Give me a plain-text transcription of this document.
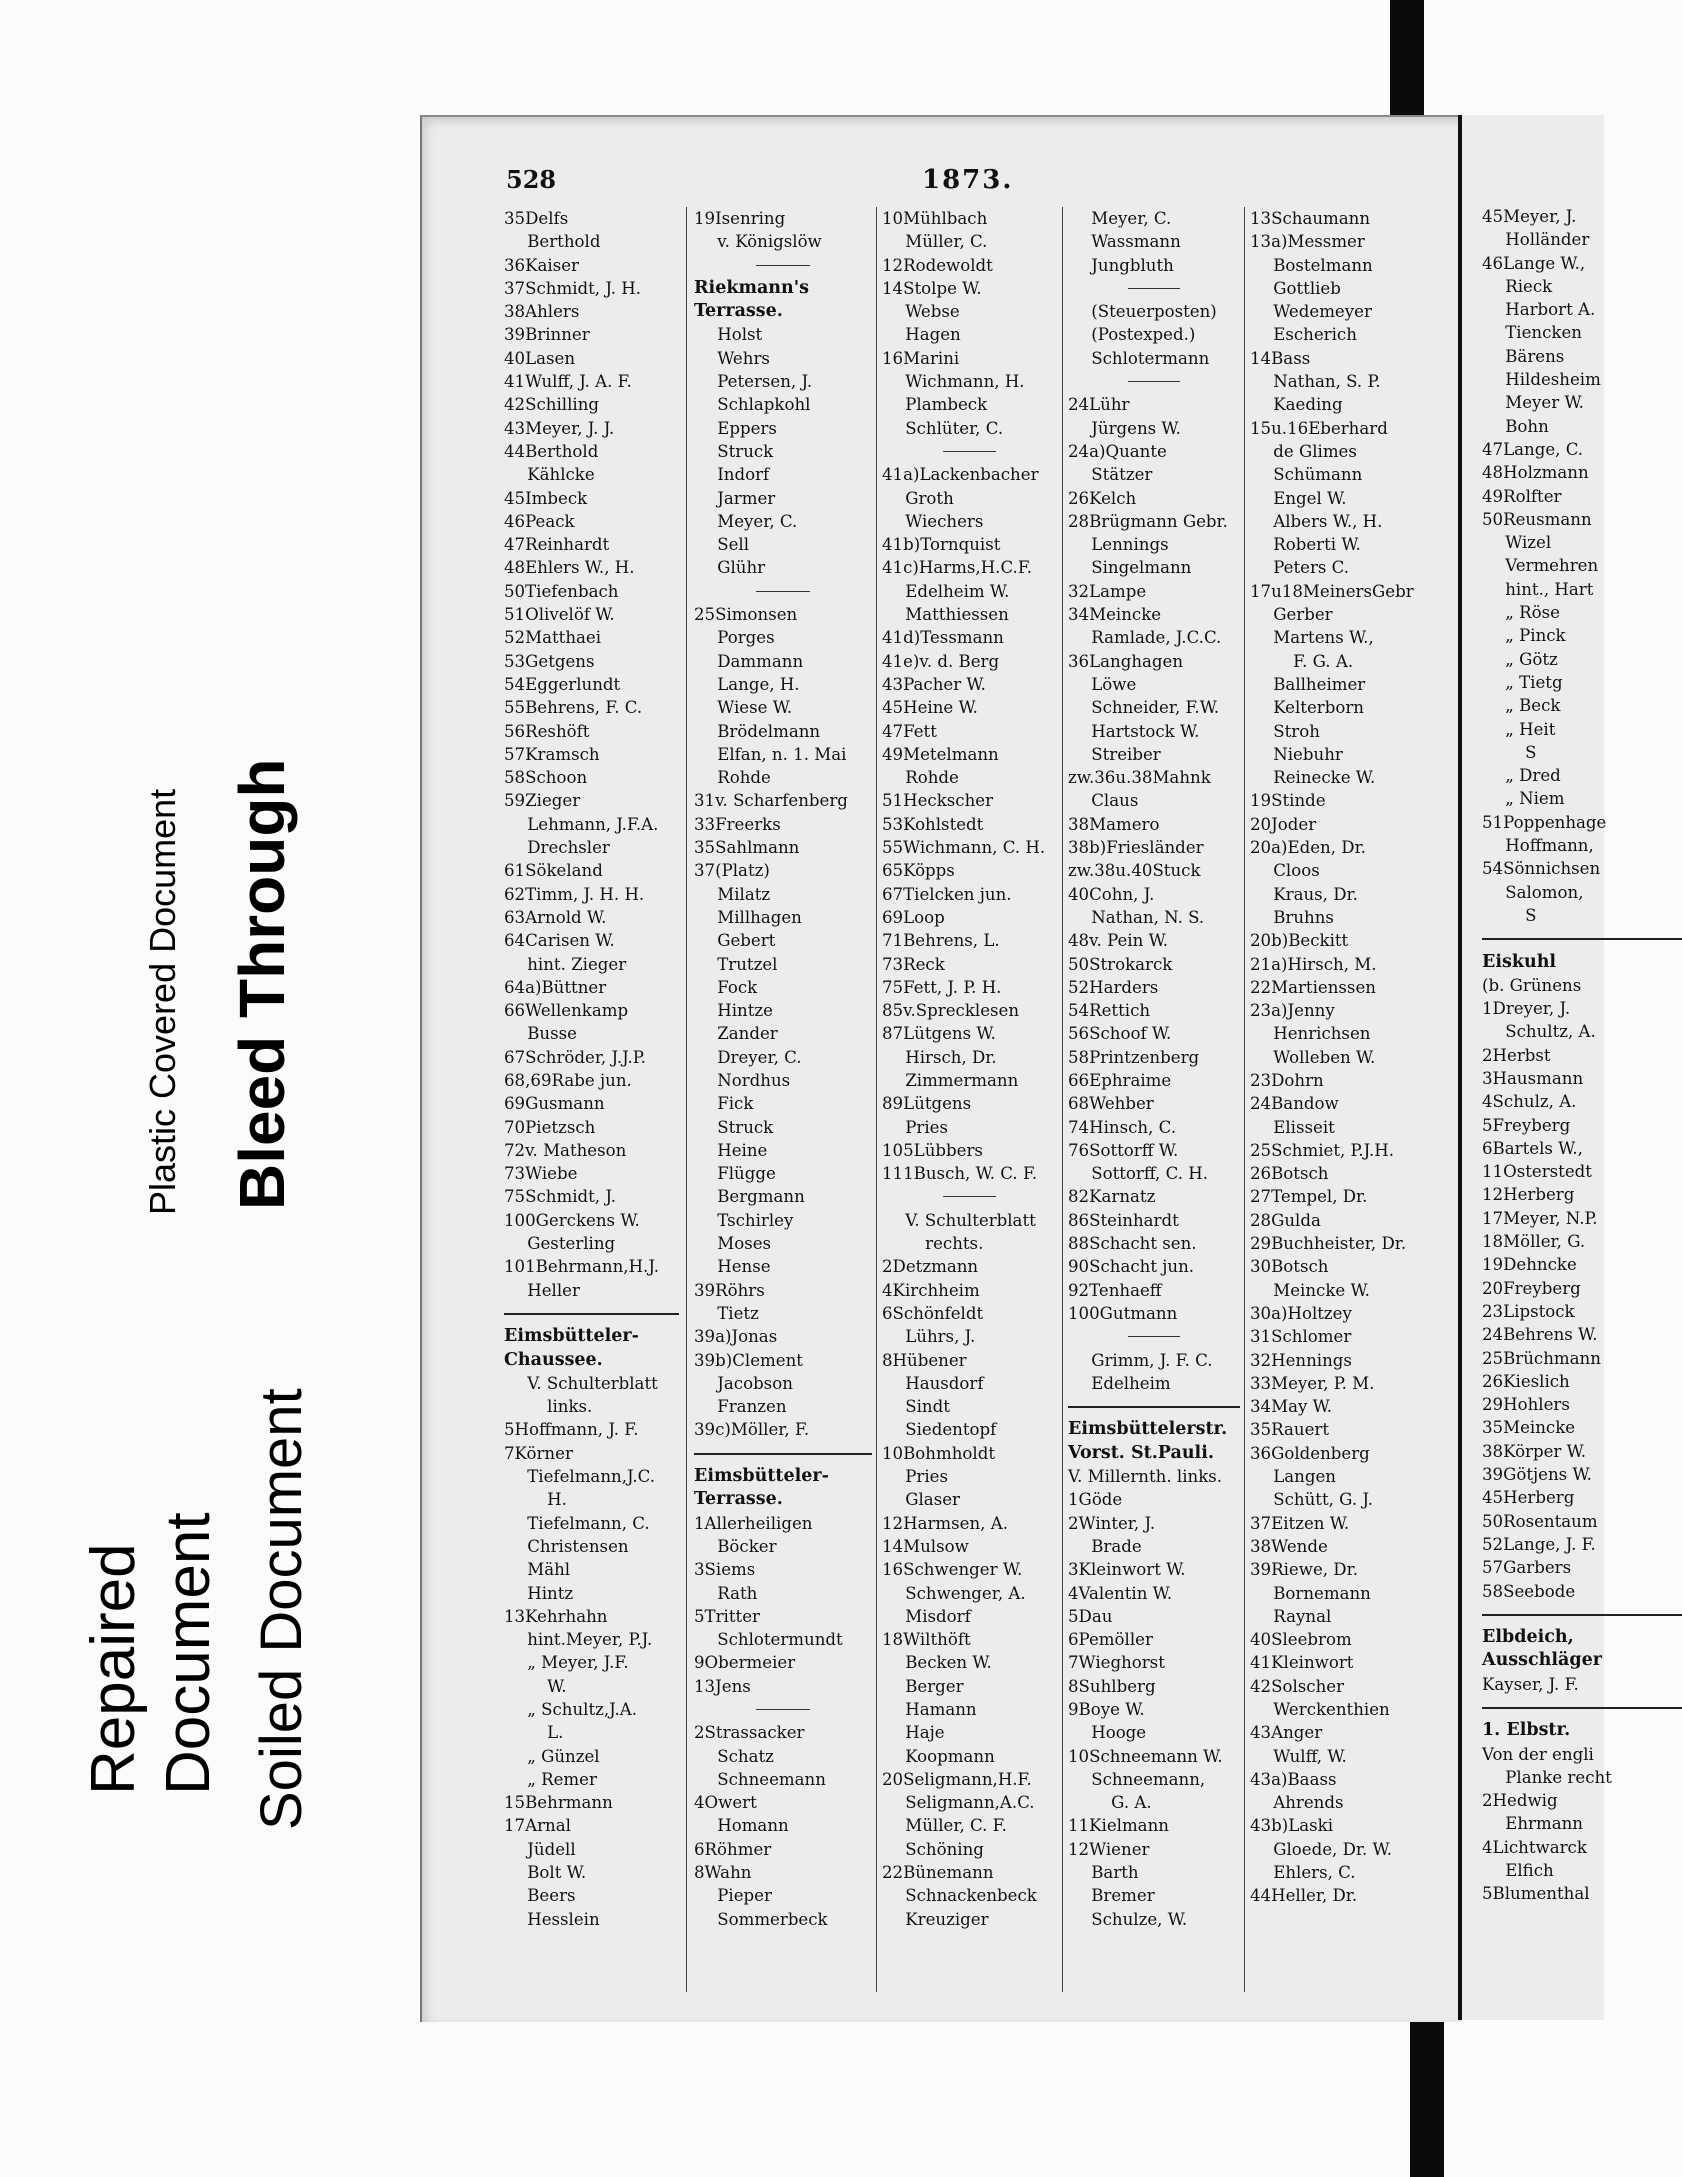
Plastic Covered Document Bleed Through
Repaired Document Soiled Document
528	1873.
35Delfs
Berthold
36Kaiser
37Schmidt, J. H.
38Ahlers
39Brinner
40Lasen
41Wulff, J. A. F.
42Schilling
43Meyer, J. J.
44Berthold
Kählcke
45Imbeck
46Peack
47Reinhardt
48Ehlers W., H.
50Tiefenbach
51Olivelöf W.
52Matthaei
53Getgens
54Eggerlundt
55Behrens, F. C.
56Reshöft
57Kramsch
58Schoon
59Zieger
Lehmann, J.F.A.
Drechsler
61Sökeland
62Timm, J. H. H.
63Arnold W.
64Carisen W.
hint. Zieger
64a)Büttner
66Wellenkamp
Busse
67Schröder, J.J.P.
68,69Rabe jun.
69Gusmann
70Pietzsch
72v. Matheson
73Wiebe
75Schmidt, J.
100Gerckens W.
Gesterling
101Behrmann,H.J.
Heller
Eimsbütteler-
Chaussee.
V. Schulterblatt
links.
5Hoffmann, J. F.
7Körner
Tiefelmann,J.C.
H.
Tiefelmann, C.
Christensen
Mähl
Hintz
13Kehrhahn
hint.Meyer, P.J.
„ Meyer, J.F.
W.
„ Schultz,J.A.
L.
„ Günzel
„ Remer
15Behrmann
17Arnal
Jüdell
Bolt W.
Beers
Hesslein
19Isenring
v. Königslöw
Riekmann's
Terrasse.
Holst
Wehrs
Petersen, J.
Schlapkohl
Eppers
Struck
Indorf
Jarmer
Meyer, C.
Sell
Glühr
25Simonsen
Porges
Dammann
Lange, H.
Wiese W.
Brödelmann
Elfan, n. 1. Mai
Rohde
31v. Scharfenberg
33Freerks
35Sahlmann
37(Platz)
Milatz
Millhagen
Gebert
Trutzel
Fock
Hintze
Zander
Dreyer, C.
Nordhus
Fick
Struck
Heine
Flügge
Bergmann
Tschirley
Moses
Hense
39Röhrs
Tietz
39a)Jonas
39b)Clement
Jacobson
Franzen
39c)Möller, F.
Eimsbütteler-
Terrasse.
1Allerheiligen
Böcker
3Siems
Rath
5Tritter
Schlotermundt
9Obermeier
13Jens
2Strassacker
Schatz
Schneemann
4Owert
Homann
6Röhmer
8Wahn
Pieper
Sommerbeck
10Mühlbach
Müller, C.
12Rodewoldt
14Stolpe W.
Webse
Hagen
16Marini
Wichmann, H.
Plambeck
Schlüter, C.
41a)Lackenbacher
Groth
Wiechers
41b)Tornquist
41c)Harms,H.C.F.
Edelheim W.
Matthiessen
41d)Tessmann
41e)v. d. Berg
43Pacher W.
45Heine W.
47Fett
49Metelmann
Rohde
51Heckscher
53Kohlstedt
55Wichmann, C. H.
65Köpps
67Tielcken jun.
69Loop
71Behrens, L.
73Reck
75Fett, J. P. H.
85v.Sprecklesen
87Lütgens W.
Hirsch, Dr.
Zimmermann
89Lütgens
Pries
105Lübbers
111Busch, W. C. F.
V. Schulterblatt
rechts.
2Detzmann
4Kirchheim
6Schönfeldt
Lührs, J.
8Hübener
Hausdorf
Sindt
Siedentopf
10Bohmholdt
Pries
Glaser
12Harmsen, A.
14Mulsow
16Schwenger W.
Schwenger, A.
Misdorf
18Wilthöft
Becken W.
Berger
Hamann
Haje
Koopmann
20Seligmann,H.F.
Seligmann,A.C.
Müller, C. F.
Schöning
22Bünemann
Schnackenbeck
Kreuziger
Meyer, C.
Wassmann
Jungbluth
(Steuerposten)
(Postexped.)
Schlotermann
24Lühr
Jürgens W.
24a)Quante
Stätzer
26Kelch
28Brügmann Gebr.
Lennings
Singelmann
32Lampe
34Meincke
Ramlade, J.C.C.
36Langhagen
Löwe
Schneider, F.W.
Hartstock W.
Streiber
zw.36u.38Mahnk
Claus
38Mamero
38b)Friesländer
zw.38u.40Stuck
40Cohn, J.
Nathan, N. S.
48v. Pein W.
50Strokarck
52Harders
54Rettich
56Schoof W.
58Printzenberg
66Ephraime
68Wehber
74Hinsch, C.
76Sottorff W.
Sottorff, C. H.
82Karnatz
86Steinhardt
88Schacht sen.
90Schacht jun.
92Tenhaeff
100Gutmann
Grimm, J. F. C.
Edelheim
Eimsbüttelerstr.
Vorst. St.Pauli.
V. Millernth. links.
1Göde
2Winter, J.
Brade
3Kleinwort W.
4Valentin W.
5Dau
6Pemöller
7Wieghorst
8Suhlberg
9Boye W.
Hooge
10Schneemann W.
Schneemann,
G. A.
11Kielmann
12Wiener
Barth
Bremer
Schulze, W.
13Schaumann
13a)Messmer
Bostelmann
Gottlieb
Wedemeyer
Escherich
14Bass
Nathan, S. P.
Kaeding
15u.16Eberhard
de Glimes
Schümann
Engel W.
Albers W., H.
Roberti W.
Peters C.
17u18MeinersGebr
Gerber
Martens W.,
F. G. A.
Ballheimer
Kelterborn
Stroh
Niebuhr
Reinecke W.
19Stinde
20Joder
20a)Eden, Dr.
Cloos
Kraus, Dr.
Bruhns
20b)Beckitt
21a)Hirsch, M.
22Martienssen
23a)Jenny
Henrichsen
Wolleben W.
23Dohrn
24Bandow
Elisseit
25Schmiet, P.J.H.
26Botsch
27Tempel, Dr.
28Gulda
29Buchheister, Dr.
30Botsch
Meincke W.
30a)Holtzey
31Schlomer
32Hennings
33Meyer, P. M.
34May W.
35Rauert
36Goldenberg
Langen
Schütt, G. J.
37Eitzen W.
38Wende
39Riewe, Dr.
Bornemann
Raynal
40Sleebrom
41Kleinwort
42Solscher
Werckenthien
43Anger
Wulff, W.
43a)Baass
Ahrends
43b)Laski
Gloede, Dr. W.
Ehlers, C.
44Heller, Dr.
45Meyer, J.
Holländer
46Lange W.,
Rieck
Harbort A.
Tiencken
Bärens
Hildesheim
Meyer W.
Bohn
47Lange, C.
48Holzmann
49Rolfter
50Reusmann
Wizel
Vermehren
hint., Hart
„ Röse
„ Pinck
„ Götz
„ Tietg
„ Beck
„ Heit
S
„ Dred
„ Niem
51Poppenhage
Hoffmann,
54Sönnichsen
Salomon,
S
Eiskuhl
(b. Grünens
1Dreyer, J.
Schultz, A.
2Herbst
3Hausmann
4Schulz, A.
5Freyberg
6Bartels W.,
11Osterstedt
12Herberg
17Meyer, N.P.
18Möller, G.
19Dehncke
20Freyberg
23Lipstock
24Behrens W.
25Brüchmann
26Kieslich
29Hohlers
35Meincke
38Körper W.
39Götjens W.
45Herberg
50Rosentaum
52Lange, J. F.
57Garbers
58Seebode
Elbdeich,
Ausschläger
Kayser, J. F.
1. Elbstr.
Von der engli
Planke recht
2Hedwig
Ehrmann
4Lichtwarck
Elfich
5Blumenthal
